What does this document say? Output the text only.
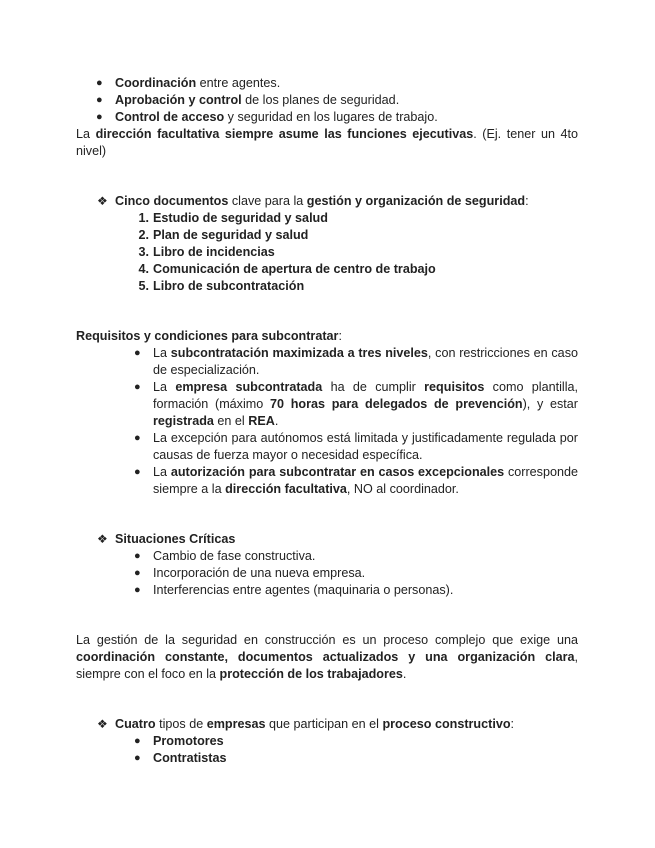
● Coordinación entre agentes.
● Aprobación y control de los planes de seguridad.
● Control de acceso y seguridad en los lugares de trabajo.

La dirección facultativa siempre asume las funciones ejecutivas. (Ej. tener un 4to nivel)

❖ Cinco documentos clave para la gestión y organización de seguridad:

1. Estudio de seguridad y salud
2. Plan de seguridad y salud
3. Libro de incidencias
4. Comunicación de apertura de centro de trabajo
5. Libro de subcontratación

Requisitos y condiciones para subcontratar:

● La subcontratación maximizada a tres niveles, con restricciones en caso de especialización.
● La empresa subcontratada ha de cumplir requisitos como plantilla, formación (máximo 70 horas para delegados de prevención), y estar registrada en el REA.
● La excepción para autónomos está limitada y justificadamente regulada por causas de fuerza mayor o necesidad específica.
● La autorización para subcontratar en casos excepcionales corresponde siempre a la dirección facultativa, NO al coordinador.

❖ Situaciones Críticas

● Cambio de fase constructiva.
● Incorporación de una nueva empresa.
● Interferencias entre agentes (maquinaria o personas).

La gestión de la seguridad en construcción es un proceso complejo que exige una coordinación constante, documentos actualizados y una organización clara, siempre con el foco en la protección de los trabajadores.

❖ Cuatro tipos de empresas que participan en el proceso constructivo:

● Promotores
● Contratistas
